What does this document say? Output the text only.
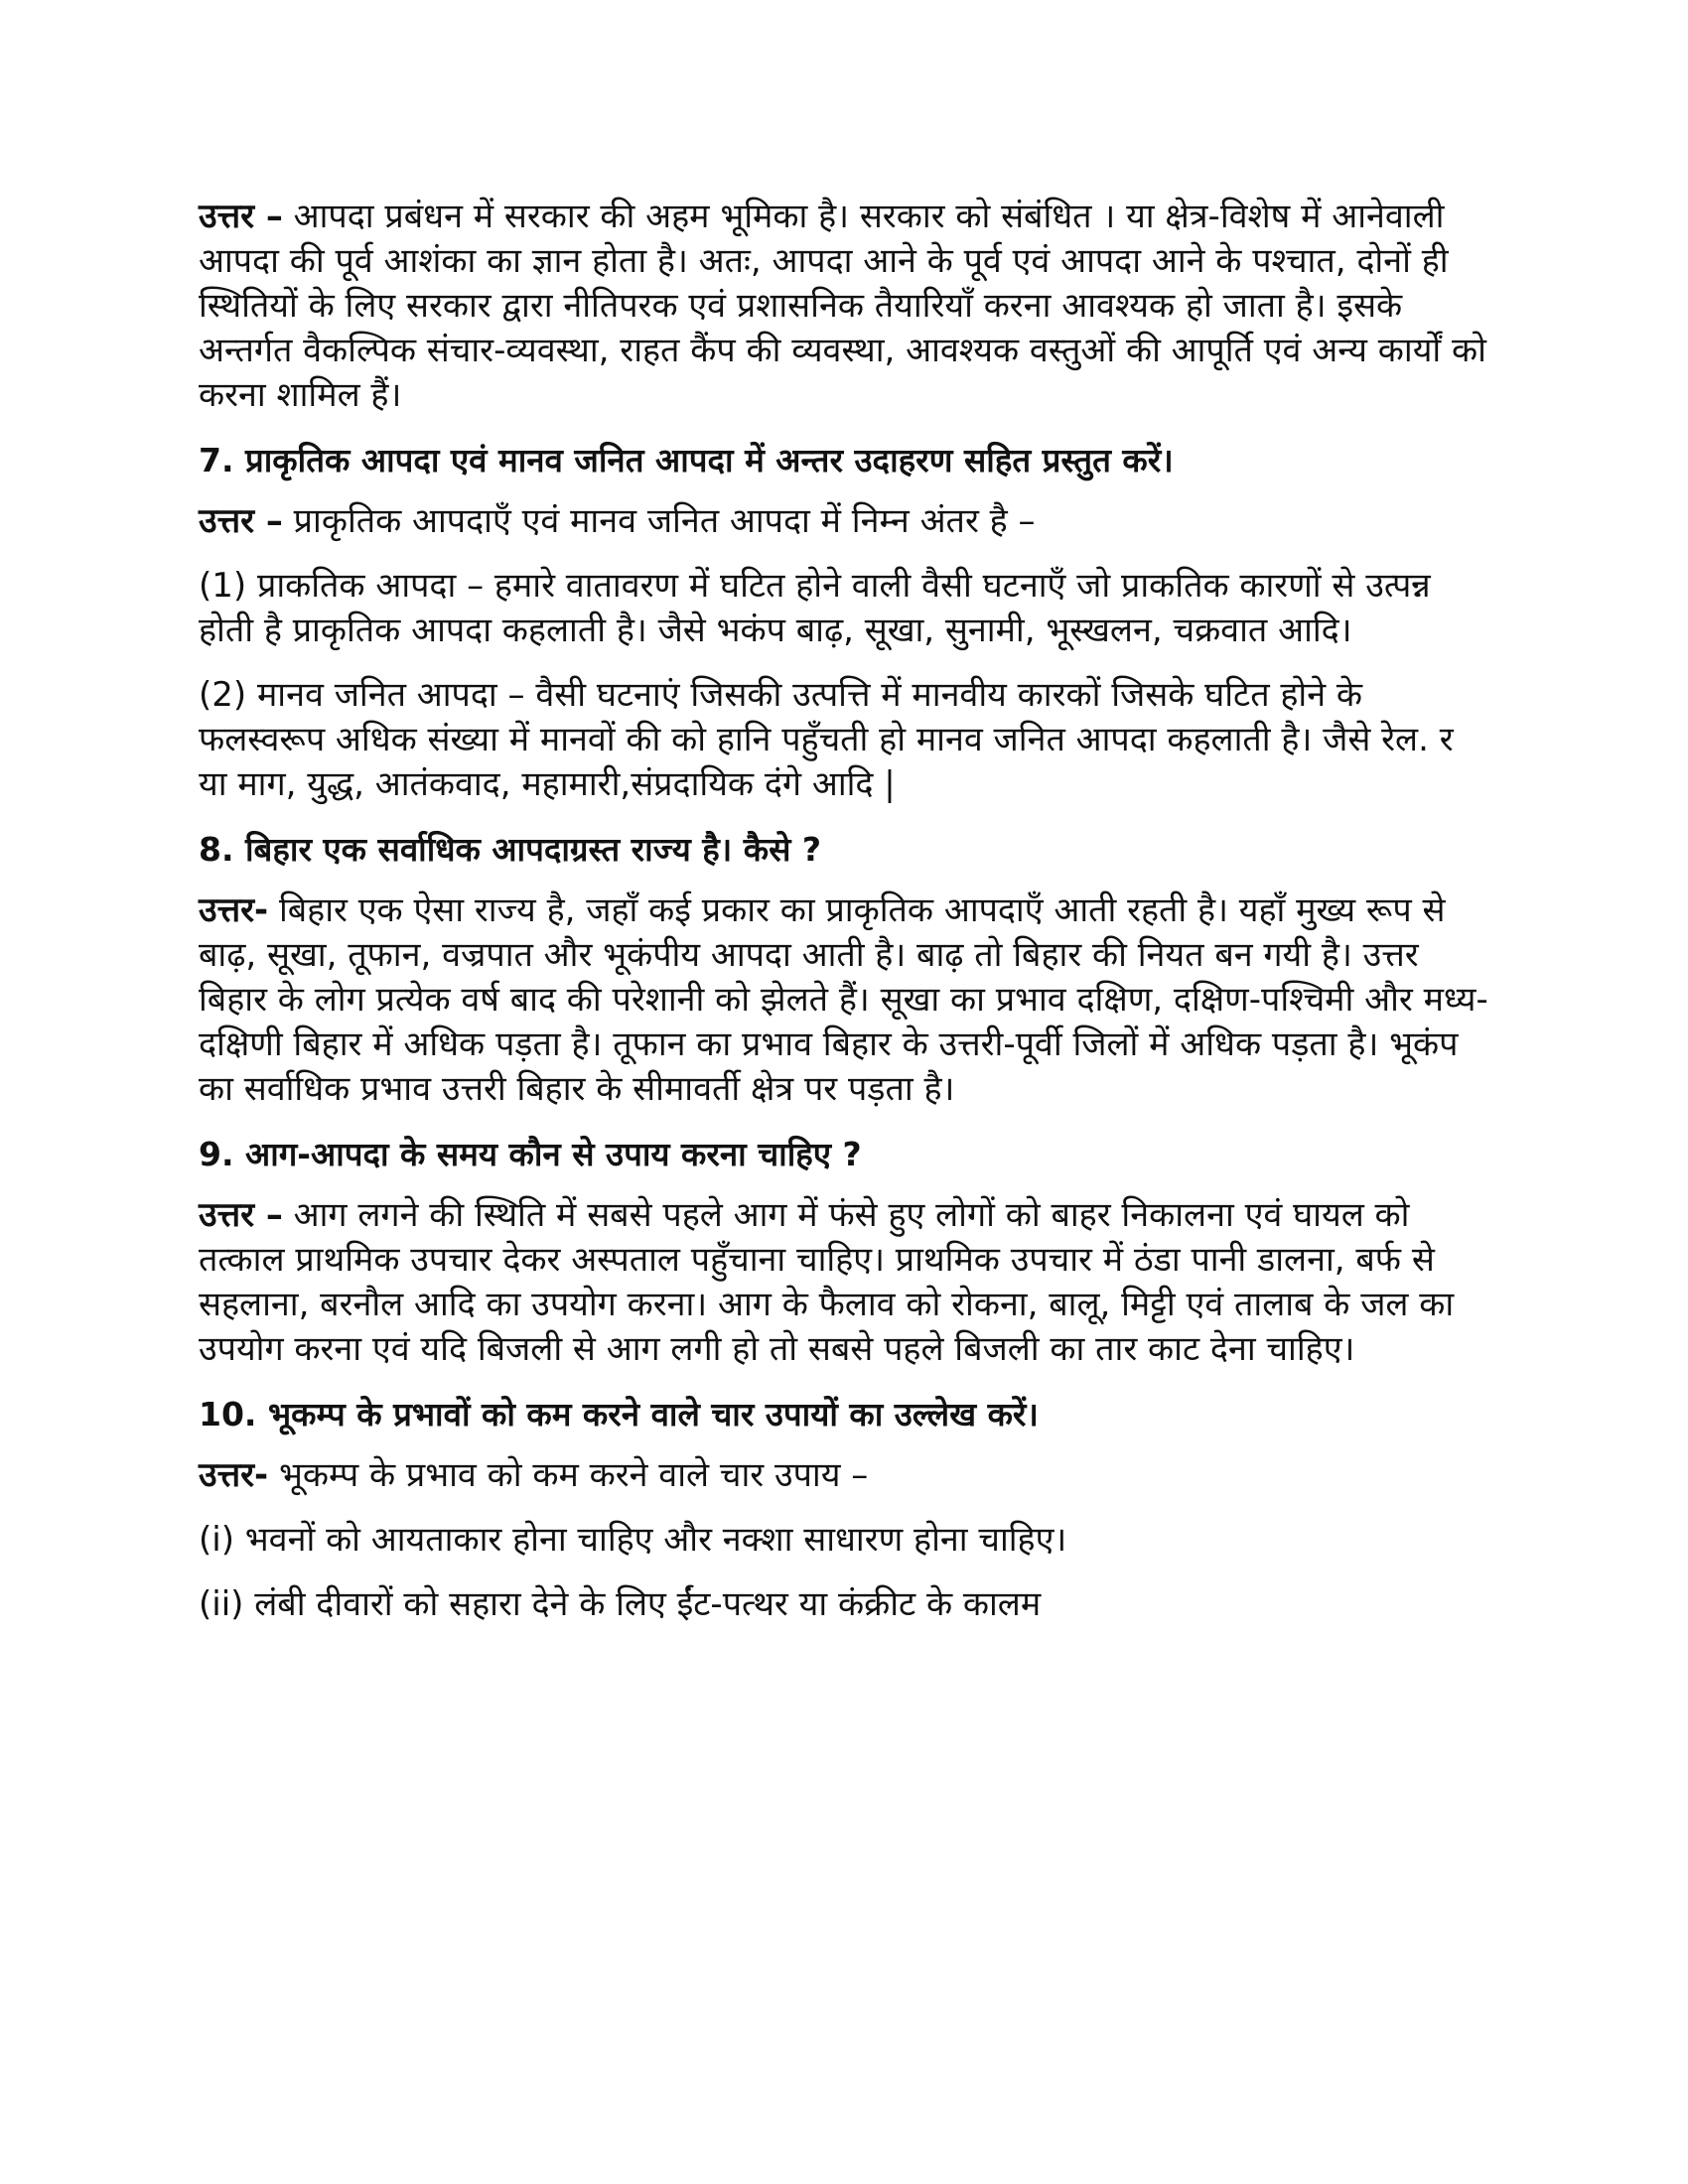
उत्तर – आपदा प्रबंधन में सरकार की अहम भूमिका है। सरकार को संबंधित । या क्षेत्र-विशेष में आनेवाली आपदा की पूर्व आशंका का ज्ञान होता है। अतः, आपदा आने के पूर्व एवं आपदा आने के पश्चात, दोनों ही स्थितियों के लिए सरकार द्वारा नीतिपरक एवं प्रशासनिक तैयारियाँ करना आवश्यक हो जाता है। इसके अन्तर्गत वैकल्पिक संचार-व्यवस्था, राहत कैंप की व्यवस्था, आवश्यक वस्तुओं की आपूर्ति एवं अन्य कार्यों को करना शामिल हैं।

7. प्राकृतिक आपदा एवं मानव जनित आपदा में अन्तर उदाहरण सहित प्रस्तुत करें।

उत्तर – प्राकृतिक आपदाएँ एवं मानव जनित आपदा में निम्न अंतर है –

(1) प्राकतिक आपदा – हमारे वातावरण में घटित होने वाली वैसी घटनाएँ जो प्राकतिक कारणों से उत्पन्न होती है प्राकृतिक आपदा कहलाती है। जैसे भकंप बाढ़, सूखा, सुनामी, भूस्खलन, चक्रवात आदि।

(2) मानव जनित आपदा – वैसी घटनाएं जिसकी उत्पत्ति में मानवीय कारकों जिसके घटित होने के फलस्वरूप अधिक संख्या में मानवों की को हानि पहुँचती हो मानव जनित आपदा कहलाती है। जैसे रेल. र या माग, युद्ध, आतंकवाद, महामारी,संप्रदायिक दंगे आदि |

8. बिहार एक सर्वाधिक आपदाग्रस्त राज्य है। कैसे ?

उत्तर- बिहार एक ऐसा राज्य है, जहाँ कई प्रकार का प्राकृतिक आपदाएँ आती रहती है। यहाँ मुख्य रूप से बाढ़, सूखा, तूफान, वज्रपात और भूकंपीय आपदा आती है। बाढ़ तो बिहार की नियत बन गयी है। उत्तर बिहार के लोग प्रत्येक वर्ष बाद की परेशानी को झेलते हैं। सूखा का प्रभाव दक्षिण, दक्षिण-पश्चिमी और मध्य-दक्षिणी बिहार में अधिक पड़ता है। तूफान का प्रभाव बिहार के उत्तरी-पूर्वी जिलों में अधिक पड़ता है। भूकंप का सर्वाधिक प्रभाव उत्तरी बिहार के सीमावर्ती क्षेत्र पर पड़ता है।

9. आग-आपदा के समय कौन से उपाय करना चाहिए ?

उत्तर – आग लगने की स्थिति में सबसे पहले आग में फंसे हुए लोगों को बाहर निकालना एवं घायल को तत्काल प्राथमिक उपचार देकर अस्पताल पहुँचाना चाहिए। प्राथमिक उपचार में ठंडा पानी डालना, बर्फ से सहलाना, बरनौल आदि का उपयोग करना। आग के फैलाव को रोकना, बालू, मिट्टी एवं तालाब के जल का उपयोग करना एवं यदि बिजली से आग लगी हो तो सबसे पहले बिजली का तार काट देना चाहिए।

10. भूकम्प के प्रभावों को कम करने वाले चार उपायों का उल्लेख करें।

उत्तर- भूकम्प के प्रभाव को कम करने वाले चार उपाय –

(i) भवनों को आयताकार होना चाहिए और नक्शा साधारण होना चाहिए।

(ii) लंबी दीवारों को सहारा देने के लिए ईंट-पत्थर या कंक्रीट के कालम
